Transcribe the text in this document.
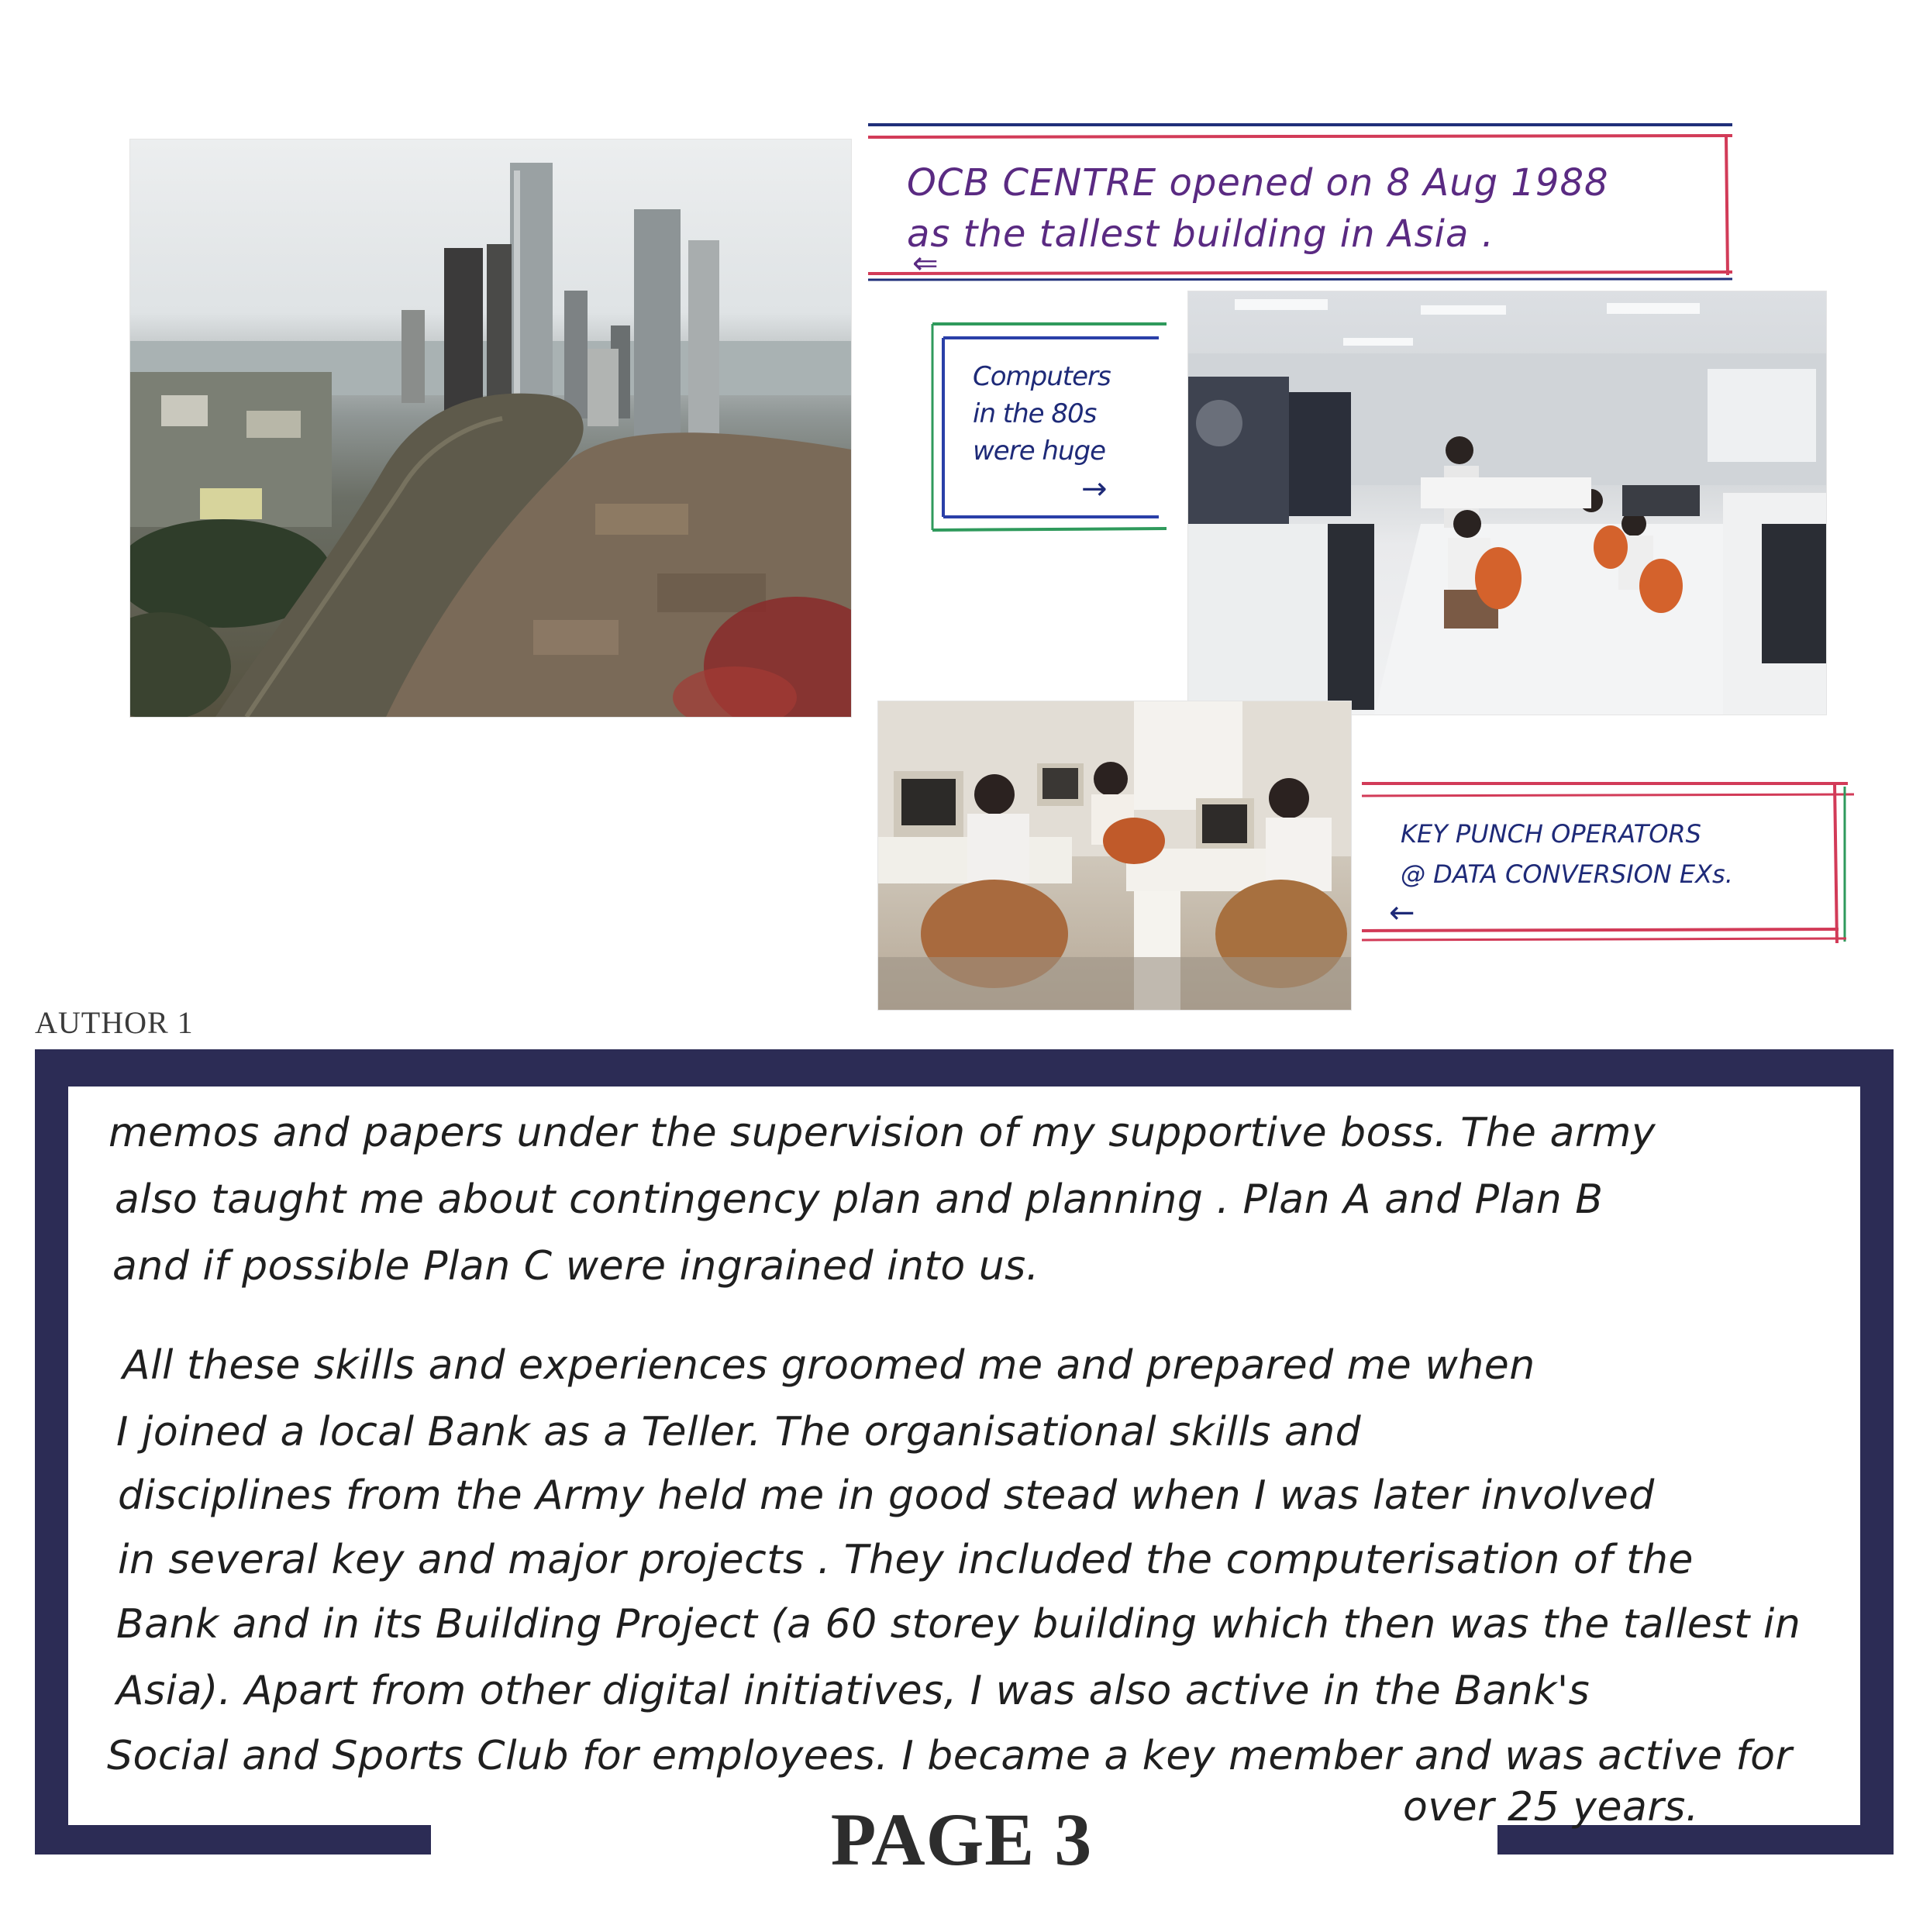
OCB CENTRE opened on 8 Aug 1988
as the tallest building in Asia .
⇐
Computers
in the 80s
were huge
→
KEY PUNCH OPERATORS
@ DATA CONVERSION EXs.
←
AUTHOR 1
memos and papers under the supervision of my supportive boss. The army
also taught me about contingency plan and planning . Plan A and Plan B
and if possible Plan C were ingrained into us.
All these skills and experiences groomed me and prepared me when
I joined a local Bank as a Teller. The organisational skills and
disciplines from the Army held me in good stead when I was later involved
in several key and major projects . They included the computerisation of the
Bank and in its Building Project (a 60 storey building which then was the tallest in
Asia). Apart from other digital initiatives, I was also active in the Bank's
Social and Sports Club for employees. I became a key member and was active for
over 25 years.
PAGE 3
